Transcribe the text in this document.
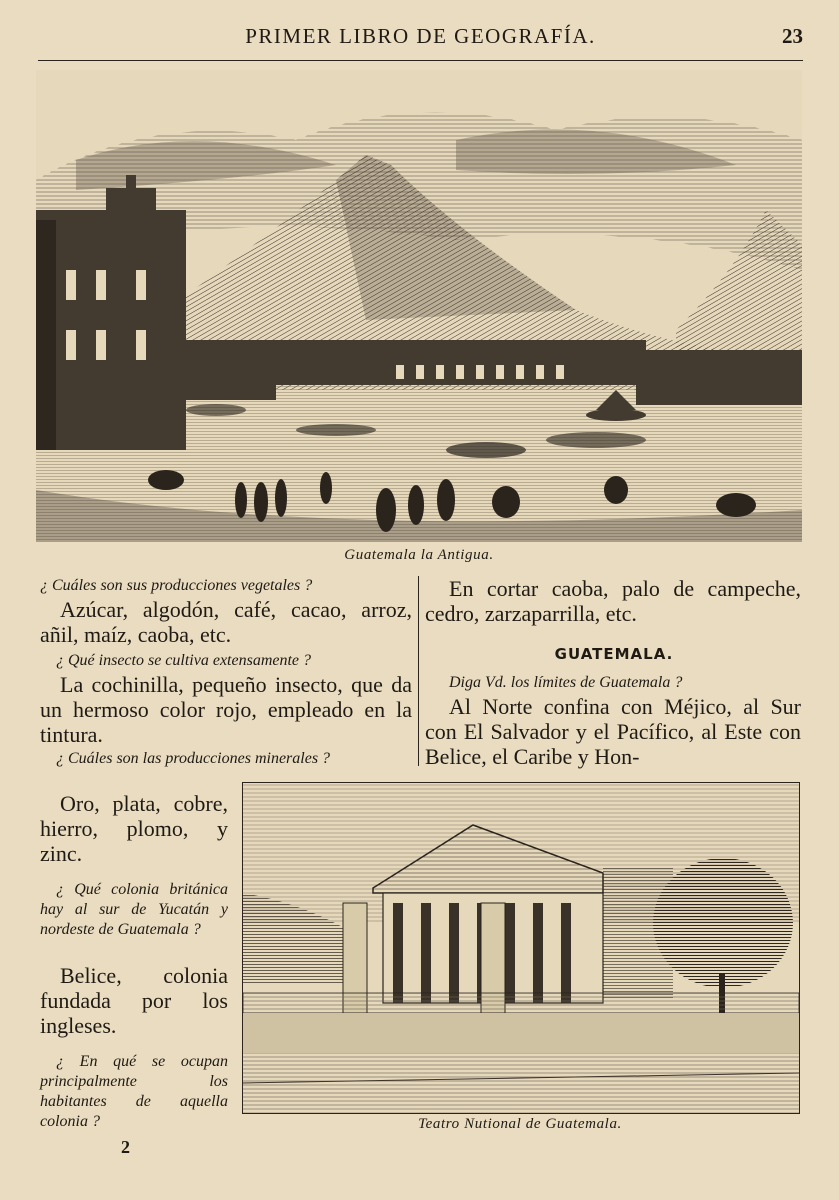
PRIMER LIBRO DE GEOGRAFÍA.	23
Guatemala la Antigua.
¿ Cuáles son sus producciones vegetales ?
Azúcar, algodón, café, cacao, arroz, añil, maíz, caoba, etc.
¿ Qué insecto se cultiva extensamente ?
La cochinilla, pequeño insecto, que da un hermoso color rojo, empleado en la tintura.
¿ Cuáles son las producciones minerales ?
Oro, plata, cobre, hierro, plomo, y zinc.
¿ Qué colonia británica hay al sur de Yucatán y nordeste de Guatemala ?
Belice, colonia fundada por los ingleses.
¿ En qué se ocupan principalmente los habitantes de aquella colonia ?
En cortar caoba, palo de campeche, cedro, zarzaparrilla, etc.
GUATEMALA.
Diga Vd. los límites de Guatemala ?
Al Norte confina con Méjico, al Sur con El Salvador y el Pacífico, al Este con Belice, el Caribe y Hon-
Teatro Nutional de Guatemala.
2
